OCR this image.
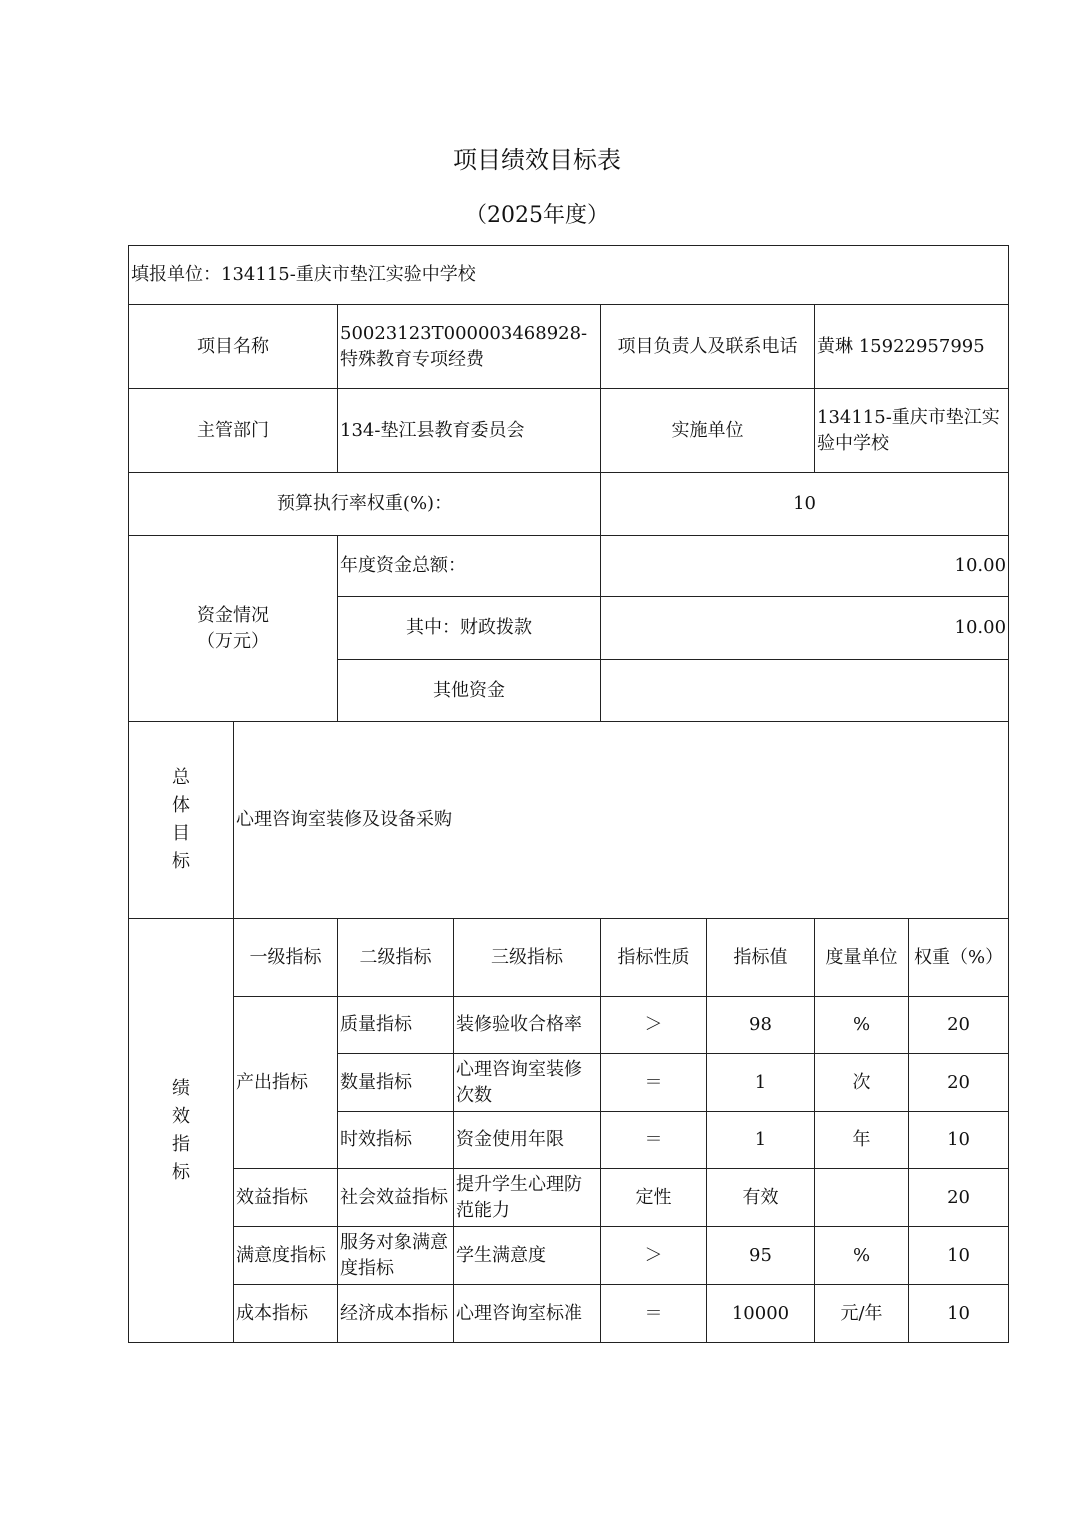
项目绩效目标表
（2025年度）
填报单位：134115-重庆市垫江实验中学校							
项目名称		50023123T000003468928-特殊教育专项经费		项目负责人及联系电话		黄琳 15922957995	
主管部门		134-垫江县教育委员会		实施单位		134115-重庆市垫江实验中学校	
预算执行率权重(%)：				10			
资金情况
（万元）		年度资金总额：		10.00			
		其中：财政拨款		10.00			
		其他资金					

总
体
目
标	心理咨询室装修及设备采购						

绩
效
指
标	一级指标	二级指标	三级指标	指标性质	指标值	度量单位	权重（%）
	产出指标	质量指标	装修验收合格率	＞	98	%	20
		数量指标	心理咨询室装修次数	＝	1	次	20
		时效指标	资金使用年限	＝	1	年	10
	效益指标	社会效益指标	提升学生心理防范能力	定性	有效		20
	满意度指标	服务对象满意度指标	学生满意度	＞	95	%	10
	成本指标	经济成本指标	心理咨询室标准	＝	10000	元/年	10
